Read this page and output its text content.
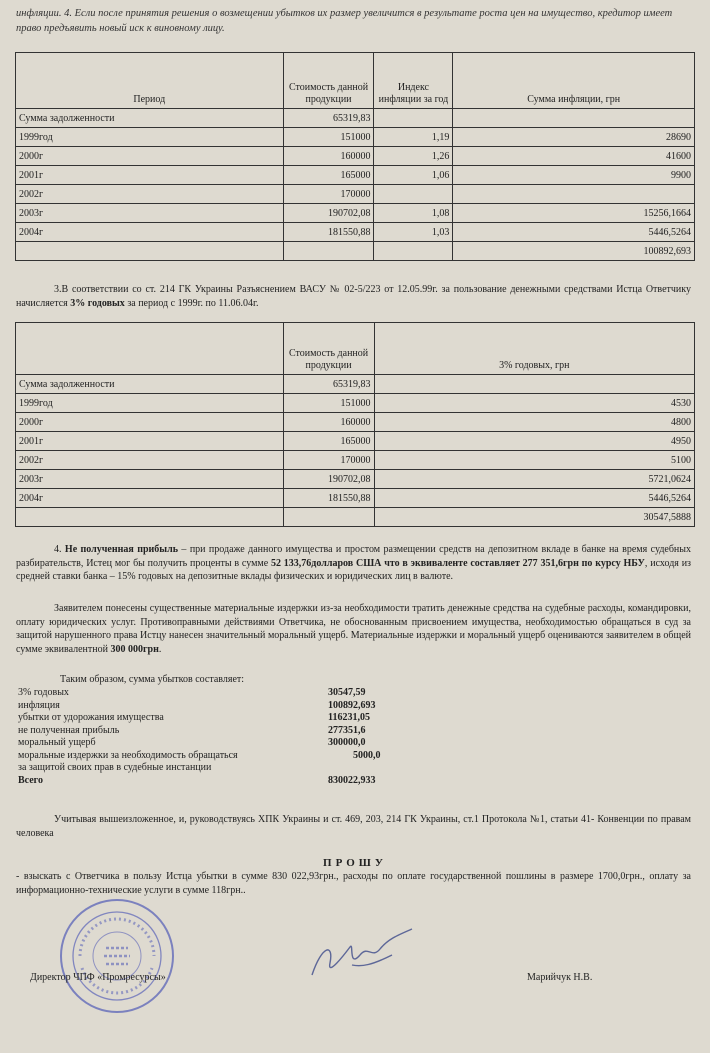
инфляции. 4. Если после принятия решения о возмещении убытков их размер увеличится в результате роста цен на имущество, кредитор имеет право предъявить новый иск к виновному лицу.
Период	Стоимость данной продукции	Индекс инфляции за год	Сумма инфляции, грн
Сумма задолженности	65319,83		
1999год	151000	1,19	28690
2000г	160000	1,26	41600
2001г	165000	1,06	9900
2002г	170000		
2003г	190702,08	1,08	15256,1664
2004г	181550,88	1,03	5446,5264
			100892,693
3.В соответствии со ст. 214 ГК Украины Разъяснением ВАСУ № 02-5/223 от 12.05.99г. за пользование денежными средствами Истца Ответчику начисляется 3% годовых за период с 1999г. по 11.06.04г.
	Стоимость данной продукции	3% годовых, грн
Сумма задолженности	65319,83	
1999год	151000	4530
2000г	160000	4800
2001г	165000	4950
2002г	170000	5100
2003г	190702,08	5721,0624
2004г	181550,88	5446,5264
		30547,5888
4. Не полученная прибыль – при продаже данного имущества и простом размещении средств на депозитном вкладе в банке на время судебных разбирательств, Истец мог бы получить проценты в сумме 52 133,76долларов США что в эквиваленте составляет 277 351,6грн по курсу НБУ, исходя из средней ставки банка – 15% годовых на депозитные вклады физических и юридических лиц в валюте.
Заявителем понесены существенные материальные издержки из-за необходимости тратить денежные средства на судебные расходы, командировки, оплату юридических услуг. Противоправными действиями Ответчика, не обоснованным присвоением имущества, необходимостью обращаться в суд за защитой нарушенного права Истцу нанесен значительный моральный ущерб. Материальные издержки и моральный ущерб оцениваются заявителем в общей сумме эквивалентной 300 000грн.
Таким образом, сумма убытков составляет:
3% годовых	30547,59
инфляция	100892,693
убытки от удорожания имущества	116231,05
не полученная прибыль	277351,6
моральный ущерб	300000,0
моральные издержки за необходимость обращаться	5000,0
за защитой своих прав в судебные инстанции
Всего	830022,933
Учитывая вышеизложенное, и, руководствуясь ХПК Украины и ст. 469, 203, 214 ГК Украины, ст.1 Протокола №1, статьи 41- Конвенции по правам человека
ПРОШУ
- взыскать с Ответчика в пользу Истца убытки в сумме 830 022,93грн., расходы по оплате государственной пошлины в размере 1700,0грн., оплату за информационно-технические услуги в сумме 118грн..
Директор ЧПФ «Промресурсы»	Марийчук Н.В.
